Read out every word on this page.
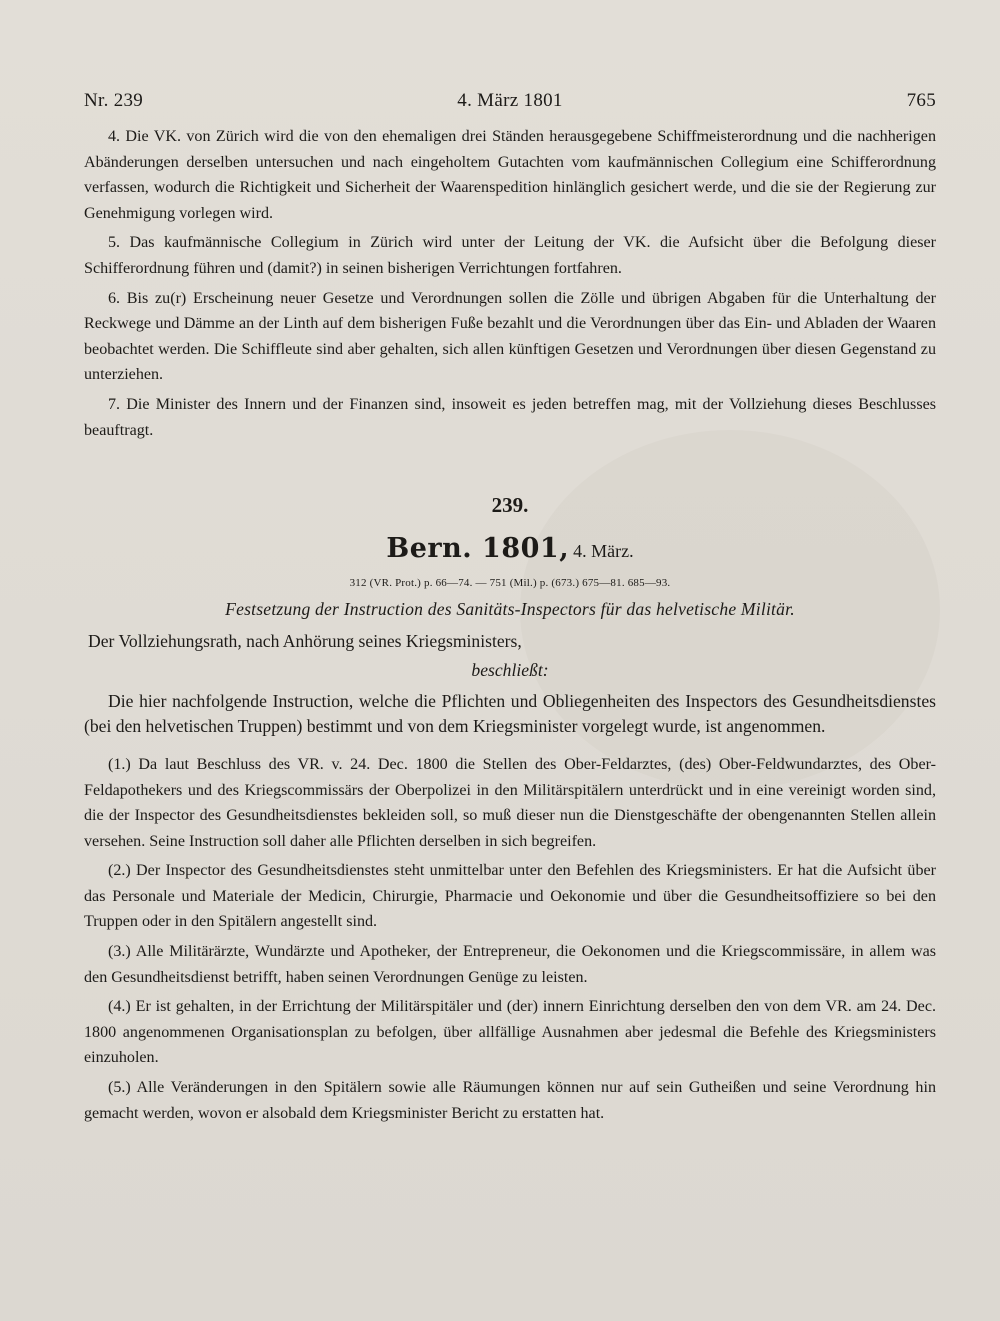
Nr. 239	4. März 1801	765

4. Die VK. von Zürich wird die von den ehemaligen drei Ständen herausgegebene Schiffmeisterordnung und die nachherigen Abänderungen derselben untersuchen und nach eingeholtem Gutachten vom kaufmännischen Collegium eine Schifferordnung verfassen, wodurch die Richtigkeit und Sicherheit der Waarenspedition hinlänglich gesichert werde, und die sie der Regierung zur Genehmigung vorlegen wird.

5. Das kaufmännische Collegium in Zürich wird unter der Leitung der VK. die Aufsicht über die Befolgung dieser Schifferordnung führen und (damit?) in seinen bisherigen Verrichtungen fortfahren.

6. Bis zu(r) Erscheinung neuer Gesetze und Verordnungen sollen die Zölle und übrigen Abgaben für die Unterhaltung der Reckwege und Dämme an der Linth auf dem bisherigen Fuße bezahlt und die Verordnungen über das Ein- und Abladen der Waaren beobachtet werden. Die Schiffleute sind aber gehalten, sich allen künftigen Gesetzen und Verordnungen über diesen Gegenstand zu unterziehen.

7. Die Minister des Innern und der Finanzen sind, insoweit es jeden betreffen mag, mit der Vollziehung dieses Beschlusses beauftragt.

239.
Bern. 1801, 4. März.
312 (VR. Prot.) p. 66—74. — 751 (Mil.) p. (673.) 675—81. 685—93.
Festsetzung der Instruction des Sanitäts-Inspectors für das helvetische Militär.

Der Vollziehungsrath, nach Anhörung seines Kriegsministers,

beschließt:

Die hier nachfolgende Instruction, welche die Pflichten und Obliegenheiten des Inspectors des Gesundheitsdienstes (bei den helvetischen Truppen) bestimmt und von dem Kriegsminister vorgelegt wurde, ist angenommen.

(1.) Da laut Beschluss des VR. v. 24. Dec. 1800 die Stellen des Ober-Feldarztes, (des) Ober-Feldwundarztes, des Ober-Feldapothekers und des Kriegscommissärs der Oberpolizei in den Militärspitälern unterdrückt und in eine vereinigt worden sind, die der Inspector des Gesundheitsdienstes bekleiden soll, so muß dieser nun die Dienstgeschäfte der obengenannten Stellen allein versehen. Seine Instruction soll daher alle Pflichten derselben in sich begreifen.

(2.) Der Inspector des Gesundheitsdienstes steht unmittelbar unter den Befehlen des Kriegsministers. Er hat die Aufsicht über das Personale und Materiale der Medicin, Chirurgie, Pharmacie und Oekonomie und über die Gesundheitsoffiziere so bei den Truppen oder in den Spitälern angestellt sind.

(3.) Alle Militärärzte, Wundärzte und Apotheker, der Entrepreneur, die Oekonomen und die Kriegscommissäre, in allem was den Gesundheitsdienst betrifft, haben seinen Verordnungen Genüge zu leisten.

(4.) Er ist gehalten, in der Errichtung der Militärspitäler und (der) innern Einrichtung derselben den von dem VR. am 24. Dec. 1800 angenommenen Organisationsplan zu befolgen, über allfällige Ausnahmen aber jedesmal die Befehle des Kriegsministers einzuholen.

(5.) Alle Veränderungen in den Spitälern sowie alle Räumungen können nur auf sein Gutheißen und seine Verordnung hin gemacht werden, wovon er alsobald dem Kriegsminister Bericht zu erstatten hat.
